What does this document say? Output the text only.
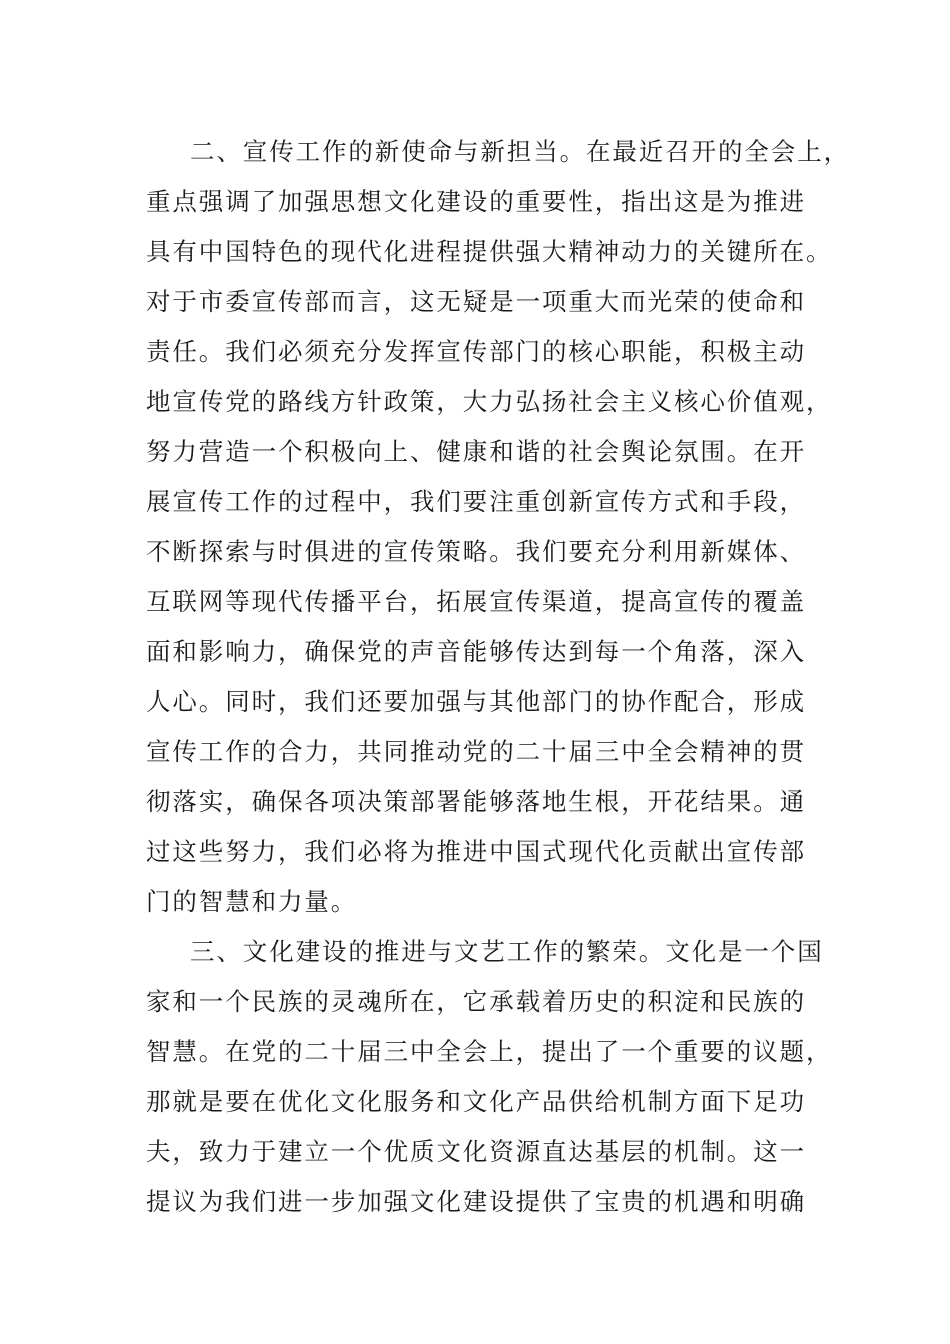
二、宣传工作的新使命与新担当。在最近召开的全会上，
重点强调了加强思想文化建设的重要性，指出这是为推进
具有中国特色的现代化进程提供强大精神动力的关键所在。
对于市委宣传部而言，这无疑是一项重大而光荣的使命和
责任。我们必须充分发挥宣传部门的核心职能，积极主动
地宣传党的路线方针政策，大力弘扬社会主义核心价值观，
努力营造一个积极向上、健康和谐的社会舆论氛围。在开
展宣传工作的过程中，我们要注重创新宣传方式和手段，
不断探索与时俱进的宣传策略。我们要充分利用新媒体、
互联网等现代传播平台，拓展宣传渠道，提高宣传的覆盖
面和影响力，确保党的声音能够传达到每一个角落，深入
人心。同时，我们还要加强与其他部门的协作配合，形成
宣传工作的合力，共同推动党的二十届三中全会精神的贯
彻落实，确保各项决策部署能够落地生根，开花结果。通
过这些努力，我们必将为推进中国式现代化贡献出宣传部
门的智慧和力量。
三、文化建设的推进与文艺工作的繁荣。文化是一个国
家和一个民族的灵魂所在，它承载着历史的积淀和民族的
智慧。在党的二十届三中全会上，提出了一个重要的议题，
那就是要在优化文化服务和文化产品供给机制方面下足功
夫，致力于建立一个优质文化资源直达基层的机制。这一
提议为我们进一步加强文化建设提供了宝贵的机遇和明确
